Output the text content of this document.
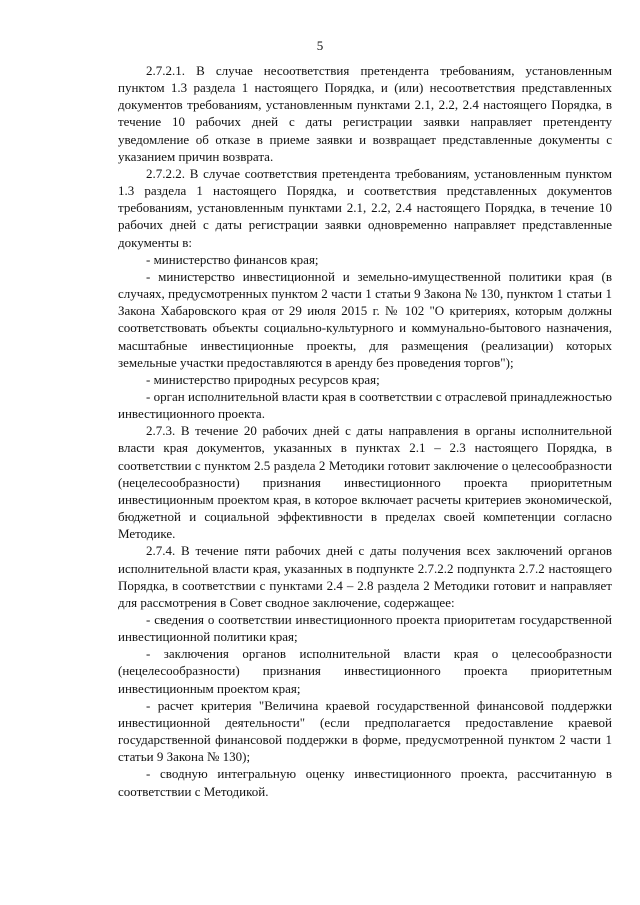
5

2.7.2.1. В случае несоответствия претендента требованиям, установленным пунктом 1.3 раздела 1 настоящего Порядка, и (или) несоответствия представленных документов требованиям, установленным пунктами 2.1, 2.2, 2.4 настоящего Порядка, в течение 10 рабочих дней с даты регистрации заявки направляет претенденту уведомление об отказе в приеме заявки и возвращает представленные документы с указанием причин возврата.

2.7.2.2. В случае соответствия претендента требованиям, установленным пунктом 1.3 раздела 1 настоящего Порядка, и соответствия представленных документов требованиям, установленным пунктами 2.1, 2.2, 2.4 настоящего Порядка, в течение 10 рабочих дней с даты регистрации заявки одновременно направляет представленные документы в:

- министерство финансов края;

- министерство инвестиционной и земельно-имущественной политики края (в случаях, предусмотренных пунктом 2 части 1 статьи 9 Закона № 130, пунктом 1 статьи 1 Закона Хабаровского края от 29 июля 2015 г. № 102 "О критериях, которым должны соответствовать объекты социально-культурного и коммунально-бытового назначения, масштабные инвестиционные проекты, для размещения (реализации) которых земельные участки предоставляются в аренду без проведения торгов");

- министерство природных ресурсов края;

- орган исполнительной власти края в соответствии с отраслевой принадлежностью инвестиционного проекта.

2.7.3. В течение 20 рабочих дней с даты направления в органы исполнительной власти края документов, указанных в пунктах 2.1 – 2.3 настоящего Порядка, в соответствии с пунктом 2.5 раздела 2 Методики готовит заключение о целесообразности (нецелесообразности) признания инвестиционного проекта приоритетным инвестиционным проектом края, в которое включает расчеты критериев экономической, бюджетной и социальной эффективности в пределах своей компетенции согласно Методике.

2.7.4. В течение пяти рабочих дней с даты получения всех заключений органов исполнительной власти края, указанных в подпункте 2.7.2.2 подпункта 2.7.2 настоящего Порядка, в соответствии с пунктами 2.4 – 2.8 раздела 2 Методики готовит и направляет для рассмотрения в Совет сводное заключение, содержащее:

- сведения о соответствии инвестиционного проекта приоритетам государственной инвестиционной политики края;

- заключения органов исполнительной власти края о целесообразности (нецелесообразности) признания инвестиционного проекта приоритетным инвестиционным проектом края;

- расчет критерия "Величина краевой государственной финансовой поддержки инвестиционной деятельности" (если предполагается предоставление краевой государственной финансовой поддержки в форме, предусмотренной пунктом 2 части 1 статьи 9 Закона № 130);

- сводную интегральную оценку инвестиционного проекта, рассчитанную в соответствии с Методикой.
